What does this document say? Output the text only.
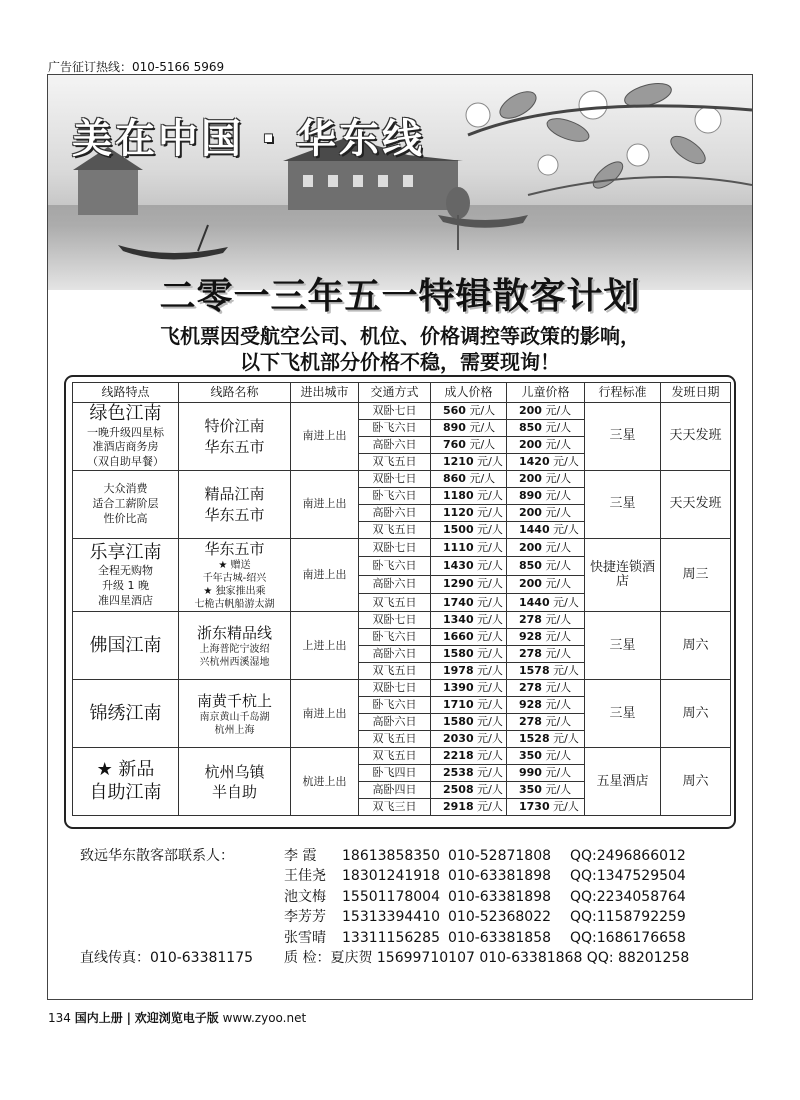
广告征订热线：010-5166 5969
美在中国 · 华东线
二零一三年五一特辑散客计划
飞机票因受航空公司、机位、价格调控等政策的影响，
以下飞机部分价格不稳，需要现询！
线路特点	线路名称	进出城市	交通方式	成人价格	儿童价格	行程标准	发班日期

绿色江南
一晚升级四星标
准酒店商务房
（双自助早餐）	特价江南
华东五市	南进上出	双卧七日	560 元/人	200 元/人	三星	天天发班
			卧飞六日	890 元/人	850 元/人		
			高卧六日	760 元/人	200 元/人		
			双飞五日	1210 元/人	1420 元/人		

大众消费
适合工薪阶层
性价比高	精品江南
华东五市	南进上出	双卧七日	860 元/人	200 元/人	三星	天天发班
			卧飞六日	1180 元/人	890 元/人		
			高卧六日	1120 元/人	200 元/人		
			双飞五日	1500 元/人	1440 元/人		

乐享江南
全程无购物
升级 1 晚
准四星酒店	华东五市
★ 赠送
千年古城-绍兴
★ 独家推出乘
七桅古帆船游太湖	南进上出	双卧七日	1110 元/人	200 元/人	快捷连锁酒店	周三
			卧飞六日	1430 元/人	850 元/人		
			高卧六日	1290 元/人	200 元/人		
			双飞五日	1740 元/人	1440 元/人		

佛国江南	浙东精品线
上海普陀宁波绍
兴杭州西溪湿地	上进上出	双卧七日	1340 元/人	278 元/人	三星	周六
			卧飞六日	1660 元/人	928 元/人		
			高卧六日	1580 元/人	278 元/人		
			双飞五日	1978 元/人	1578 元/人		

锦绣江南	南黄千杭上
南京黄山千岛湖
杭州上海	南进上出	双卧七日	1390 元/人	278 元/人	三星	周六
			卧飞六日	1710 元/人	928 元/人		
			高卧六日	1580 元/人	278 元/人		
			双飞五日	2030 元/人	1528 元/人		

★ 新品
自助江南	杭州乌镇
半自助	杭进上出	双飞五日	2218 元/人	350 元/人	五星酒店	周六
			卧飞四日	2538 元/人	990 元/人		
			高卧四日	2508 元/人	350 元/人		
			双飞三日	2918 元/人	1730 元/人		
致远华东散客部联系人：	李 霞 18613858350 010-52871808 QQ:2496866012
王佳尧 18301241918 010-63381898 QQ:1347529504
池文梅 15501178004 010-63381898 QQ:2234058764
李芳芳 15313394410 010-52368022 QQ:1158792259
张雪晴 13311156285 010-63381858 QQ:1686176658
直线传真：010-63381175 质 检：夏庆贺 15699710107 010-63381868 QQ: 88201258
134 国内上册 | 欢迎浏览电子版 www.zyoo.net
